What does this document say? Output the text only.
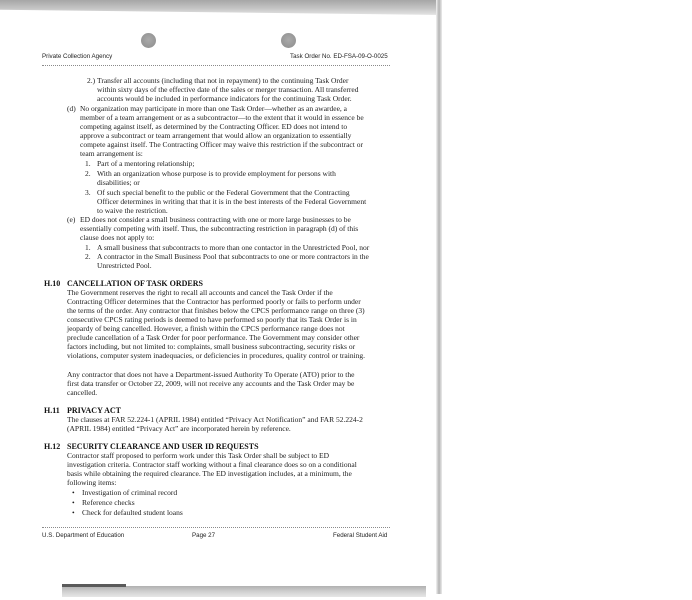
Private Collection Agency	Task Order No. ED-FSA-09-O-0025
2.) Transfer all accounts (including that not in repayment) to the continuing Task Order
within sixty days of the effective date of the sales or merger transaction. All transferred
accounts would be included in performance indicators for the continuing Task Order.
(d) No organization may participate in more than one Task Order—whether as an awardee, a
member of a team arrangement or as a subcontractor—to the extent that it would in essence be
competing against itself, as determined by the Contracting Officer. ED does not intend to
approve a subcontract or team arrangement that would allow an organization to essentially
compete against itself. The Contracting Officer may waive this restriction if the subcontract or
team arrangement is:
1. Part of a mentoring relationship;
2. With an organization whose purpose is to provide employment for persons with
disabilities; or
3. Of such special benefit to the public or the Federal Government that the Contracting
Officer determines in writing that that it is in the best interests of the Federal Government
to waive the restriction.
(e) ED does not consider a small business contracting with one or more large businesses to be
essentially competing with itself. Thus, the subcontracting restriction in paragraph (d) of this
clause does not apply to:
1. A small business that subcontracts to more than one contactor in the Unrestricted Pool, nor
2. A contractor in the Small Business Pool that subcontracts to one or more contractors in the
Unrestricted Pool.
H.10 CANCELLATION OF TASK ORDERS
The Government reserves the right to recall all accounts and cancel the Task Order if the
Contracting Officer determines that the Contractor has performed poorly or fails to perform under
the terms of the order. Any contractor that finishes below the CPCS performance range on three (3)
consecutive CPCS rating periods is deemed to have performed so poorly that its Task Order is in
jeopardy of being cancelled. However, a finish within the CPCS performance range does not
preclude cancellation of a Task Order for poor performance. The Government may consider other
factors including, but not limited to: complaints, small business subcontracting, security risks or
violations, computer system inadequacies, or deficiencies in procedures, quality control or training.
Any contractor that does not have a Department-issued Authority To Operate (ATO) prior to the
first data transfer or October 22, 2009, will not receive any accounts and the Task Order may be
cancelled.
H.11 PRIVACY ACT
The clauses at FAR 52.224-1 (APRIL 1984) entitled “Privacy Act Notification” and FAR 52.224-2
(APRIL 1984) entitled “Privacy Act” are incorporated herein by reference.
H.12 SECURITY CLEARANCE AND USER ID REQUESTS
Contractor staff proposed to perform work under this Task Order shall be subject to ED
investigation criteria. Contractor staff working without a final clearance does so on a conditional
basis while obtaining the required clearance. The ED investigation includes, at a minimum, the
following items:
• Investigation of criminal record
• Reference checks
• Check for defaulted student loans
U.S. Department of Education	Page 27	Federal Student Aid
